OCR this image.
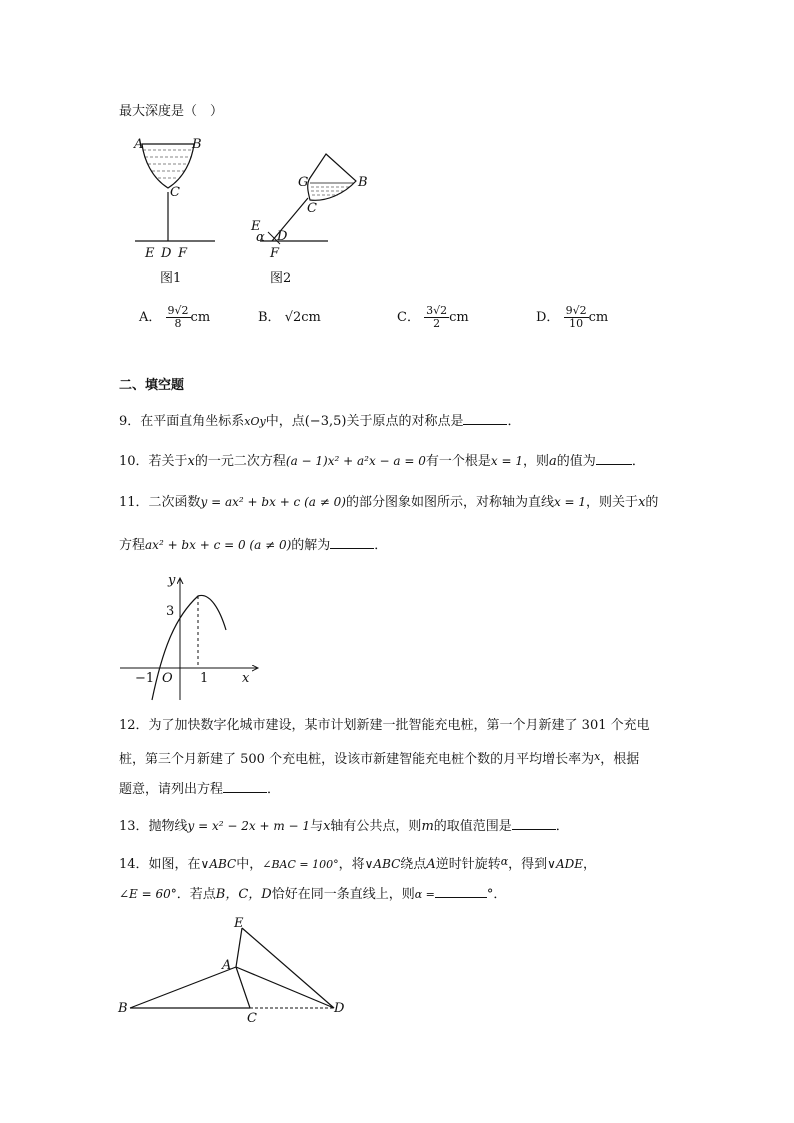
最大深度是（　）
A	B
C
E D F
图1
G	B
C
E
α D
F
图2
A． $\frac{9√2}{8}$ cm	B． √2cm	C． $\frac{3√2}{2}$ cm	D． $\frac{9√2}{10}$ cm
二、填空题
9．在平面直角坐标系xOy中，点(−3,5)关于原点的对称点是	．
10．若关于x的一元二次方程(a − 1)x² + a²x − a = 0有一个根是x = 1，则a的值为	．
11．二次函数y = ax² + bx + c (a ≠ 0)的部分图象如图所示，对称轴为直线x = 1，则关于x的
方程ax² + bx + c = 0 (a ≠ 0)的解为	．
y
3
−1 O 1	x
12．为了加快数字化城市建设，某市计划新建一批智能充电桩，第一个月新建了 301 个充电
桩，第三个月新建了 500 个充电桩，设该市新建智能充电桩个数的月平均增长率为$^x$，根据
题意，请列出方程	．
13．抛物线y = x² − 2x + m − 1与x轴有公共点，则m的取值范围是	．
14．如图，在∨ABC中，∠BAC = 100°，将∨ABC绕点A逆时针旋转$^\alpha$，得到∨ADE，
∠E = 60°．若点B，C，D恰好在同一条直线上，则α =	°．
E
A
B
C
D
